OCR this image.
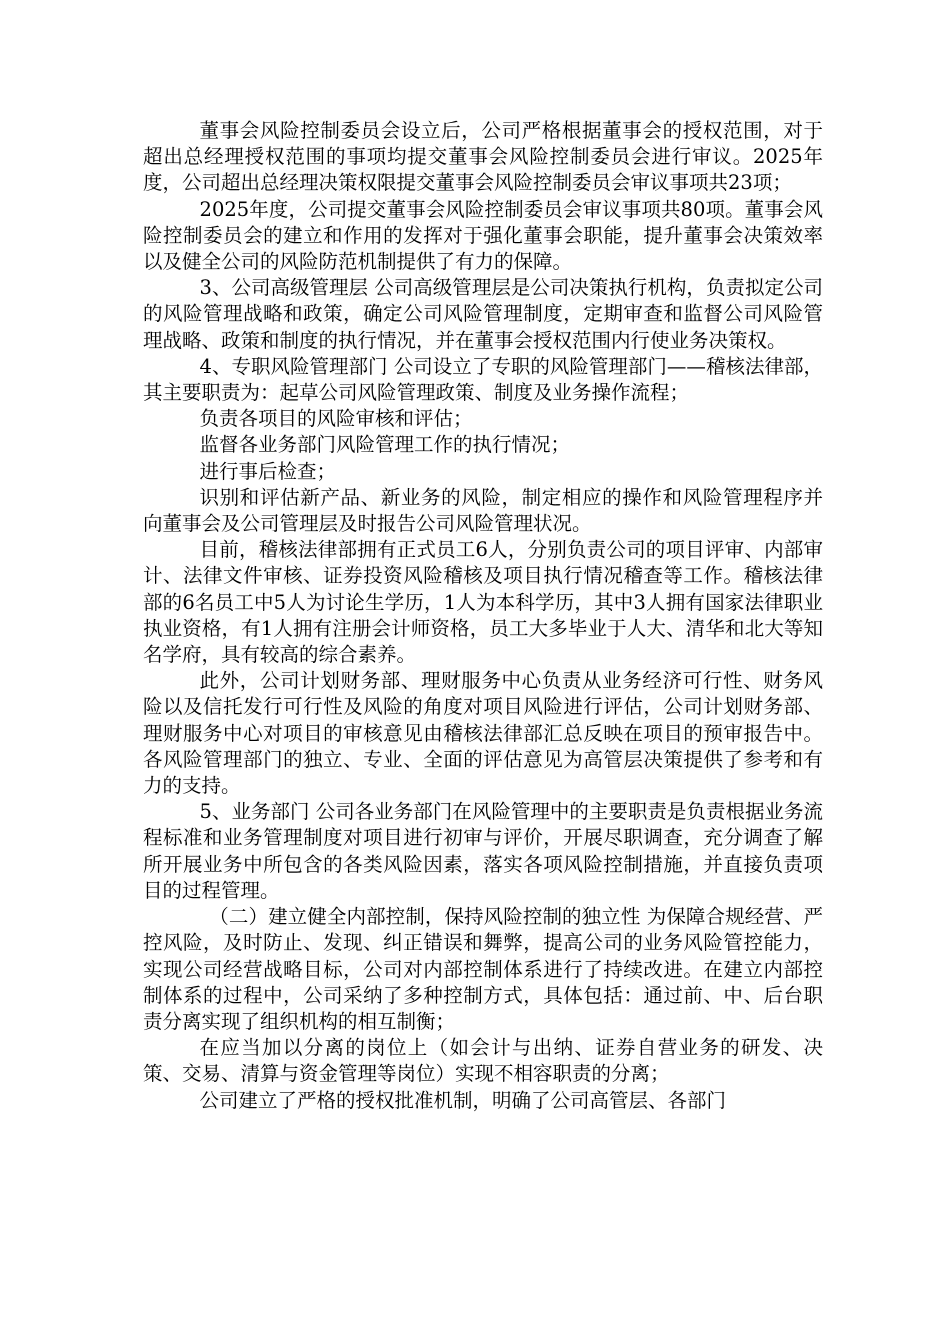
董事会风险控制委员会设立后，公司严格根据董事会的授权范围，对于超出总经理授权范围的事项均提交董事会风险控制委员会进行审议。2025年度，公司超出总经理决策权限提交董事会风险控制委员会审议事项共23项；

2025年度，公司提交董事会风险控制委员会审议事项共80项。董事会风险控制委员会的建立和作用的发挥对于强化董事会职能，提升董事会决策效率以及健全公司的风险防范机制提供了有力的保障。

3、公司高级管理层 公司高级管理层是公司决策执行机构，负责拟定公司的风险管理战略和政策，确定公司风险管理制度，定期审查和监督公司风险管理战略、政策和制度的执行情况，并在董事会授权范围内行使业务决策权。

4、专职风险管理部门 公司设立了专职的风险管理部门——稽核法律部，其主要职责为：起草公司风险管理政策、制度及业务操作流程；

负责各项目的风险审核和评估；

监督各业务部门风险管理工作的执行情况；

进行事后检查；

识别和评估新产品、新业务的风险，制定相应的操作和风险管理程序并向董事会及公司管理层及时报告公司风险管理状况。

目前，稽核法律部拥有正式员工6人，分别负责公司的项目评审、内部审计、法律文件审核、证券投资风险稽核及项目执行情况稽查等工作。稽核法律部的6名员工中5人为讨论生学历，1人为本科学历，其中3人拥有国家法律职业执业资格，有1人拥有注册会计师资格，员工大多毕业于人大、清华和北大等知名学府，具有较高的综合素养。

此外，公司计划财务部、理财服务中心负责从业务经济可行性、财务风险以及信托发行可行性及风险的角度对项目风险进行评估，公司计划财务部、理财服务中心对项目的审核意见由稽核法律部汇总反映在项目的预审报告中。各风险管理部门的独立、专业、全面的评估意见为高管层决策提供了参考和有力的支持。

5、业务部门 公司各业务部门在风险管理中的主要职责是负责根据业务流程标准和业务管理制度对项目进行初审与评价，开展尽职调查，充分调查了解所开展业务中所包含的各类风险因素，落实各项风险控制措施，并直接负责项目的过程管理。

（二）建立健全内部控制，保持风险控制的独立性 为保障合规经营、严控风险，及时防止、发现、纠正错误和舞弊，提高公司的业务风险管控能力，实现公司经营战略目标，公司对内部控制体系进行了持续改进。在建立内部控制体系的过程中，公司采纳了多种控制方式，具体包括：通过前、中、后台职责分离实现了组织机构的相互制衡；

在应当加以分离的岗位上（如会计与出纳、证券自营业务的研发、决策、交易、清算与资金管理等岗位）实现不相容职责的分离；

公司建立了严格的授权批准机制，明确了公司高管层、各部门
